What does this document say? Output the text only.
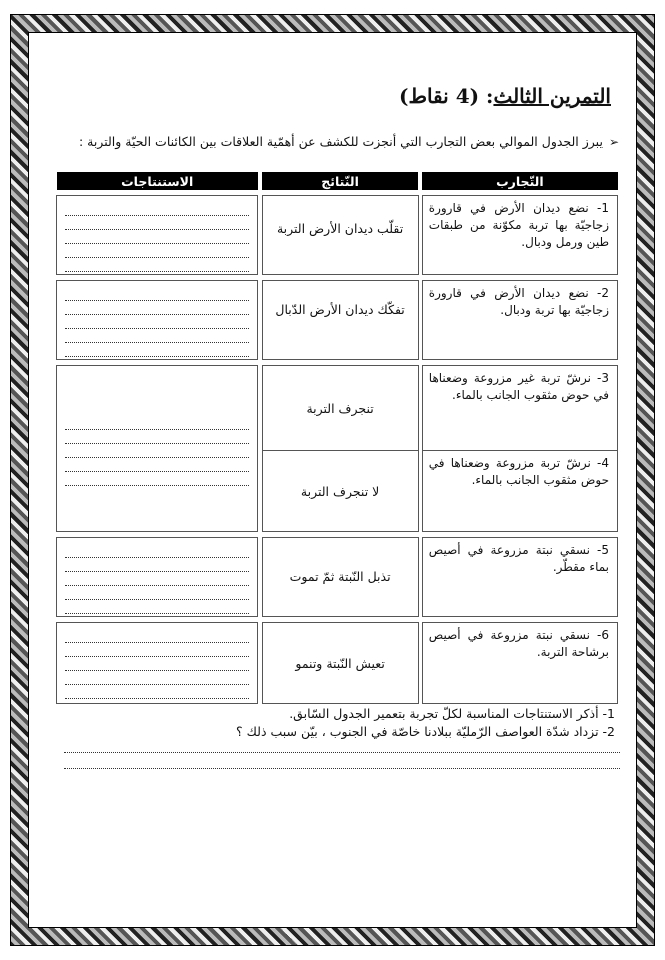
التمرين الثالث: (4 نقاط)
➢يبرز الجدول الموالي بعض التجارب التي أنجزت للكشف عن أهمّية العلاقات بين الكائنات الحيّة والتربة :
التّجارب		النّتائج		الاستنتاجات

1- نضع ديدان الأرض في قارورة زجاجيّة بها تربة مكوّنة من طبقات طين ورمل ودبال.		تقلّب ديدان الأرض التربة		

2- نضع ديدان الأرض في قارورة زجاجيّة بها تربة ودبال.		تفكّك ديدان الأرض الدّبال		

3- نرشّ تربة غير مزروعة وضعناها في حوض مثقوب الجانب بالماء.		تنجرف التربة		

4- نرشّ تربة مزروعة وضعناها في حوض مثقوب الجانب بالماء.		لا تنجرف التربة		

5- نسقي نبتة مزروعة في أصيص بماء مقطّر.		تذبل النّبتة ثمّ تموت		

6- نسقي نبتة مزروعة في أصيص برشاحة التربة.		تعيش النّبتة وتنمو		

1- أذكر الاستنتاجات المناسبة لكلّ تجربة بتعمير الجدول السّابق.
2- تزداد شدّة العواصف الرّمليّة ببلادنا خاصّة في الجنوب ، بيّن سبب ذلك ؟
